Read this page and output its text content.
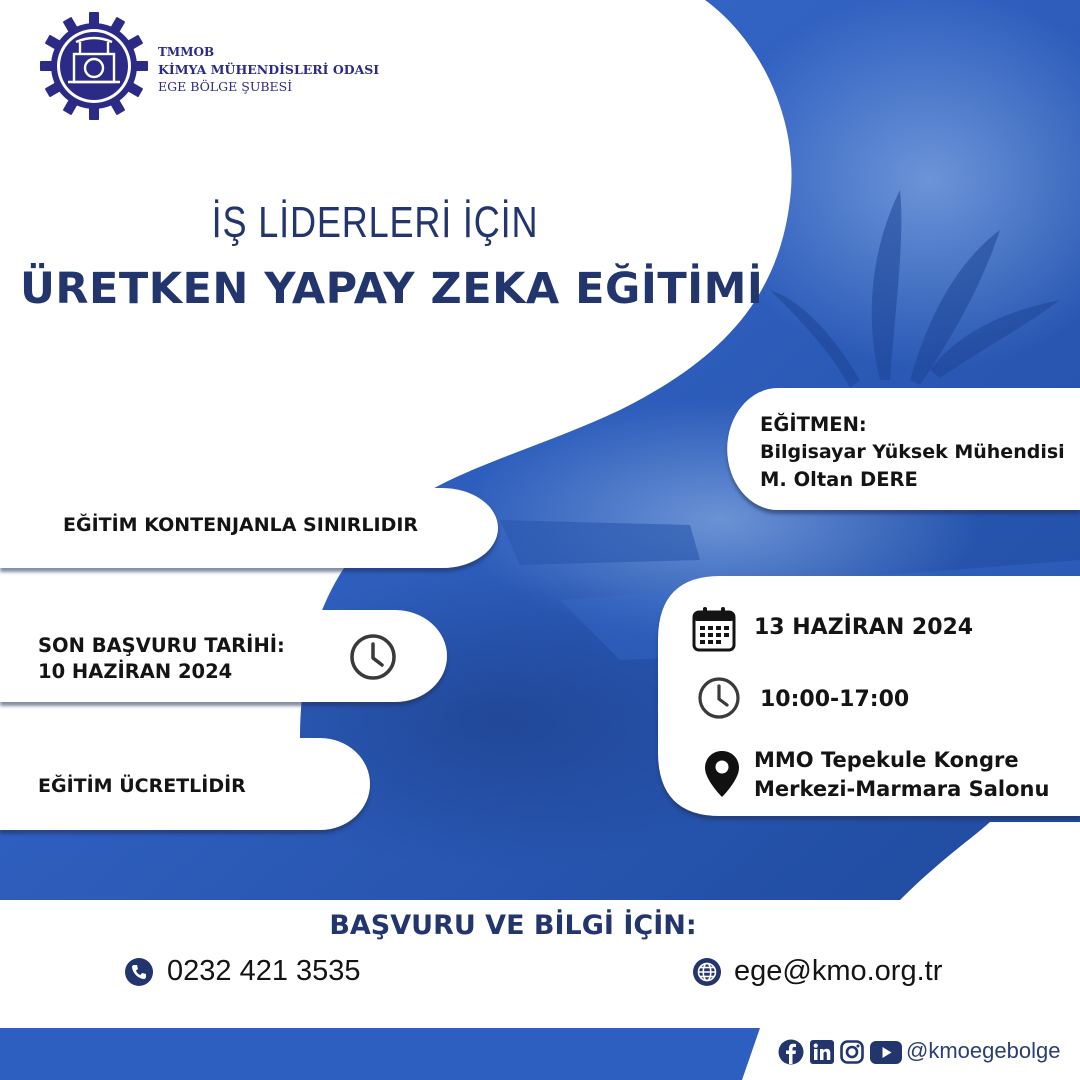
TMMOB
KİMYA MÜHENDİSLERİ ODASI
EGE BÖLGE ŞUBESİ
İŞ LİDERLERİ İÇİN
ÜRETKEN YAPAY ZEKA EĞİTİMİ
EĞİTİM KONTENJANLA SINIRLIDIR
SON BAŞVURU TARİHİ:
10 HAZİRAN 2024
EĞİTİM ÜCRETLİDİR
EĞİTMEN:
Bilgisayar Yüksek Mühendisi
M. Oltan DERE
13 HAZİRAN 2024
10:00-17:00
MMO Tepekule Kongre
Merkezi-Marmara Salonu
BAŞVURU VE BİLGİ İÇİN:
0232 421 3535	ege@kmo.org.tr
@kmoegebolge
